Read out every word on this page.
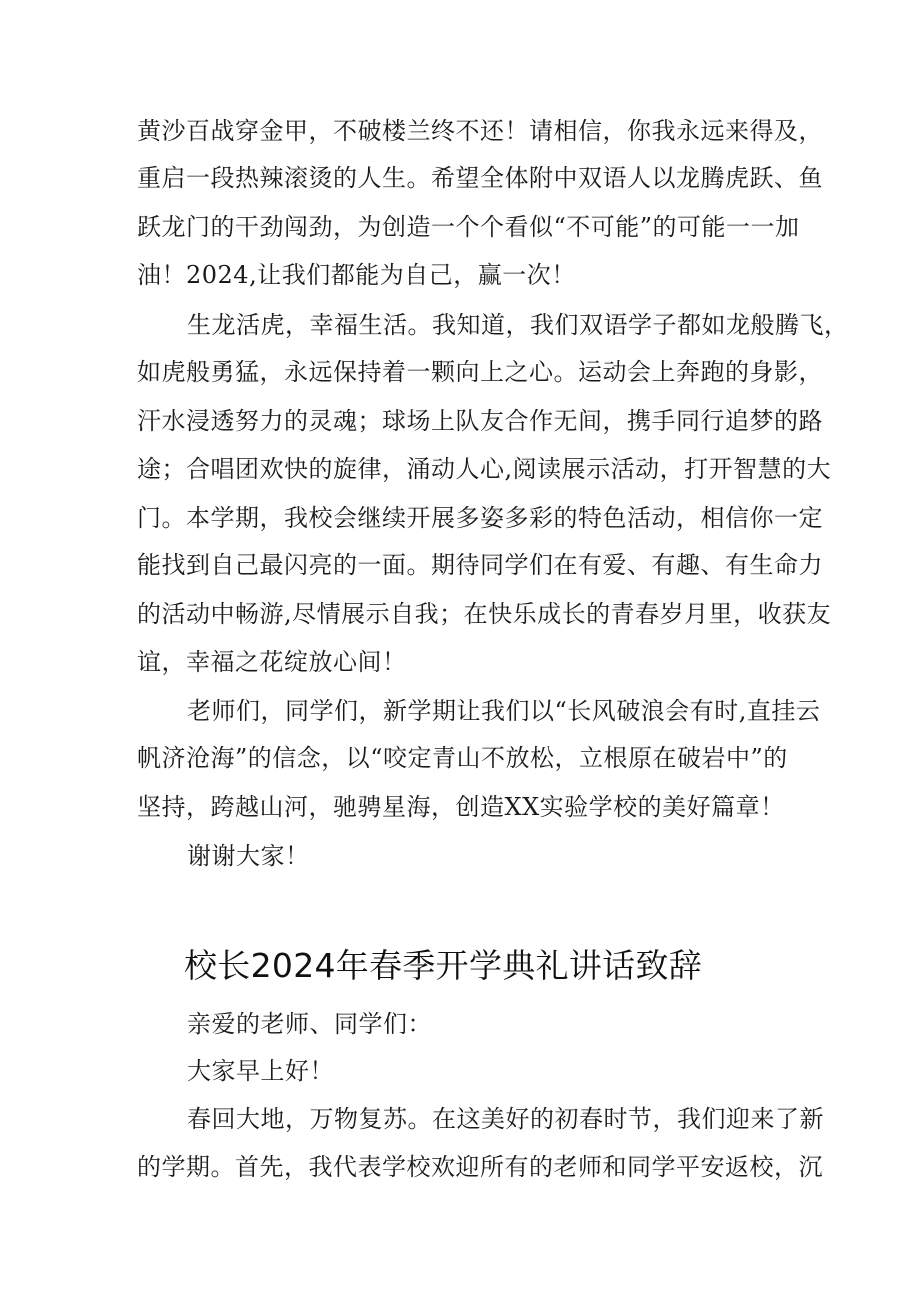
黄沙百战穿金甲，不破楼兰终不还！请相信，你我永远来得及，
重启一段热辣滚烫的人生。希望全体附中双语人以龙腾虎跃、鱼
跃龙门的干劲闯劲，为创造一个个看似“不可能”的可能一一加
油！2024,让我们都能为自己，赢一次！
生龙活虎，幸福生活。我知道，我们双语学子都如龙般腾飞，
如虎般勇猛，永远保持着一颗向上之心。运动会上奔跑的身影，
汗水浸透努力的灵魂；球场上队友合作无间，携手同行追梦的路
途；合唱团欢快的旋律，涌动人心,阅读展示活动，打开智慧的大
门。本学期，我校会继续开展多姿多彩的特色活动，相信你一定
能找到自己最闪亮的一面。期待同学们在有爱、有趣、有生命力
的活动中畅游,尽情展示自我；在快乐成长的青春岁月里，收获友
谊，幸福之花绽放心间！
老师们，同学们，新学期让我们以“长风破浪会有时,直挂云
帆济沧海”的信念，以“咬定青山不放松，立根原在破岩中”的
坚持，跨越山河，驰骋星海，创造XX实验学校的美好篇章！
谢谢大家！
校长2024年春季开学典礼讲话致辞
亲爱的老师、同学们：
大家早上好！
春回大地，万物复苏。在这美好的初春时节，我们迎来了新
的学期。首先，我代表学校欢迎所有的老师和同学平安返校，沉
